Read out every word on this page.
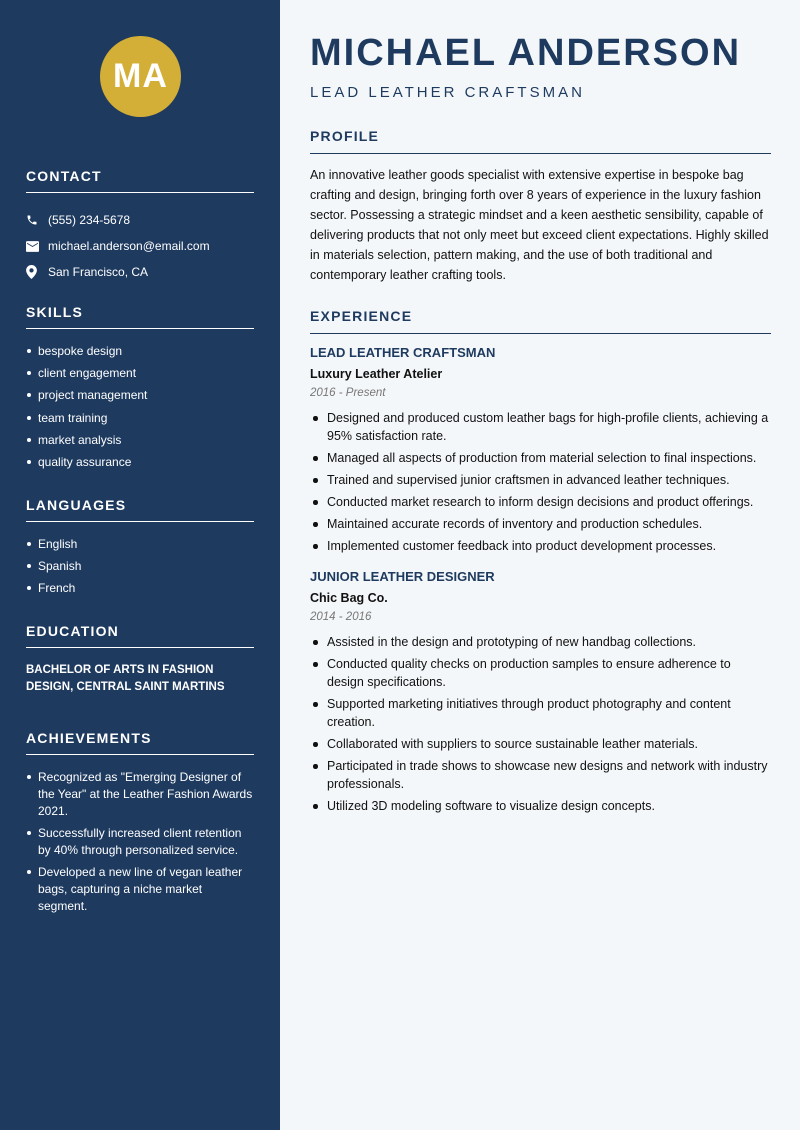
MA
CONTACT
(555) 234-5678
michael.anderson@email.com
San Francisco, CA
SKILLS
bespoke design
client engagement
project management
team training
market analysis
quality assurance
LANGUAGES
English
Spanish
French
EDUCATION
BACHELOR OF ARTS IN FASHION DESIGN, CENTRAL SAINT MARTINS
ACHIEVEMENTS
Recognized as "Emerging Designer of the Year" at the Leather Fashion Awards 2021.
Successfully increased client retention by 40% through personalized service.
Developed a new line of vegan leather bags, capturing a niche market segment.
MICHAEL ANDERSON
LEAD LEATHER CRAFTSMAN
PROFILE

An innovative leather goods specialist with extensive expertise in bespoke bag crafting and design, bringing forth over 8 years of experience in the luxury fashion sector. Possessing a strategic mindset and a keen aesthetic sensibility, capable of delivering products that not only meet but exceed client expectations. Highly skilled in materials selection, pattern making, and the use of both traditional and contemporary leather crafting tools.

EXPERIENCE
LEAD LEATHER CRAFTSMAN
Luxury Leather Atelier
2016 - Present
Designed and produced custom leather bags for high-profile clients, achieving a 95% satisfaction rate.
Managed all aspects of production from material selection to final inspections.
Trained and supervised junior craftsmen in advanced leather techniques.
Conducted market research to inform design decisions and product offerings.
Maintained accurate records of inventory and production schedules.
Implemented customer feedback into product development processes.
JUNIOR LEATHER DESIGNER
Chic Bag Co.
2014 - 2016
Assisted in the design and prototyping of new handbag collections.
Conducted quality checks on production samples to ensure adherence to design specifications.
Supported marketing initiatives through product photography and content creation.
Collaborated with suppliers to source sustainable leather materials.
Participated in trade shows to showcase new designs and network with industry professionals.
Utilized 3D modeling software to visualize design concepts.
